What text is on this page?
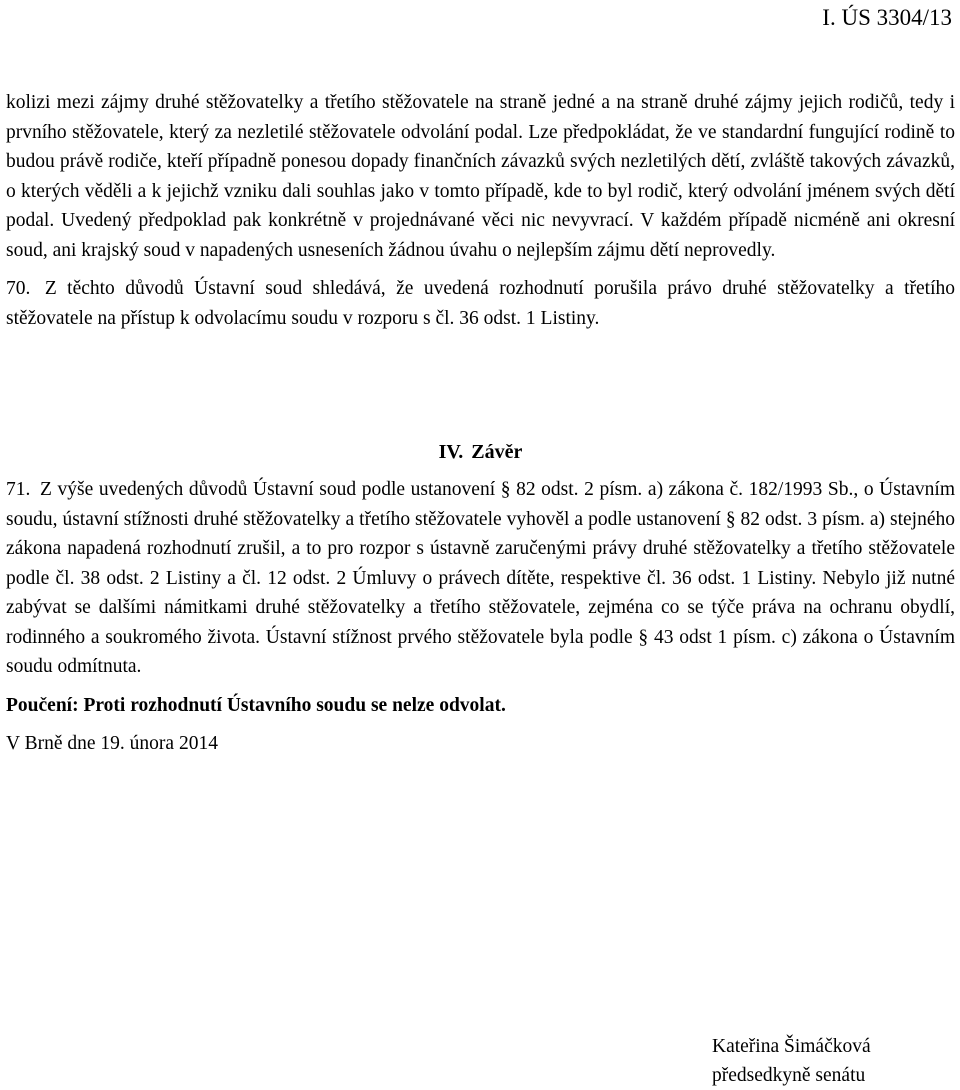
I. ÚS 3304/13

kolizi mezi zájmy druhé stěžovatelky a třetího stěžovatele na straně jedné a na straně druhé zájmy jejich rodičů, tedy i prvního stěžovatele, který za nezletilé stěžovatele odvolání podal. Lze předpokládat, že ve standardní fungující rodině to budou právě rodiče, kteří případně ponesou dopady finančních závazků svých nezletilých dětí, zvláště takových závazků, o kterých věděli a k jejichž vzniku dali souhlas jako v tomto případě, kde to byl rodič, který odvolání jménem svých dětí podal. Uvedený předpoklad pak konkrétně v projednávané věci nic nevyvrací. V každém případě nicméně ani okresní soud, ani krajský soud v napadených usneseních žádnou úvahu o nejlepším zájmu dětí neprovedly.

70. Z těchto důvodů Ústavní soud shledává, že uvedená rozhodnutí porušila právo druhé stěžovatelky a třetího stěžovatele na přístup k odvolacímu soudu v rozporu s čl. 36 odst. 1 Listiny.

IV. Závěr

71. Z výše uvedených důvodů Ústavní soud podle ustanovení § 82 odst. 2 písm. a) zákona č. 182/1993 Sb., o Ústavním soudu, ústavní stížnosti druhé stěžovatelky a třetího stěžovatele vyhověl a podle ustanovení § 82 odst. 3 písm. a) stejného zákona napadená rozhodnutí zrušil, a to pro rozpor s ústavně zaručenými právy druhé stěžovatelky a třetího stěžovatele podle čl. 38 odst. 2 Listiny a čl. 12 odst. 2 Úmluvy o právech dítěte, respektive čl. 36 odst. 1 Listiny. Nebylo již nutné zabývat se dalšími námitkami druhé stěžovatelky a třetího stěžovatele, zejména co se týče práva na ochranu obydlí, rodinného a soukromého života. Ústavní stížnost prvého stěžovatele byla podle § 43 odst 1 písm. c) zákona o Ústavním soudu odmítnuta.

Poučení: Proti rozhodnutí Ústavního soudu se nelze odvolat.

V Brně dne 19. února 2014

Kateřina Šimáčková
předsedkyně senátu
